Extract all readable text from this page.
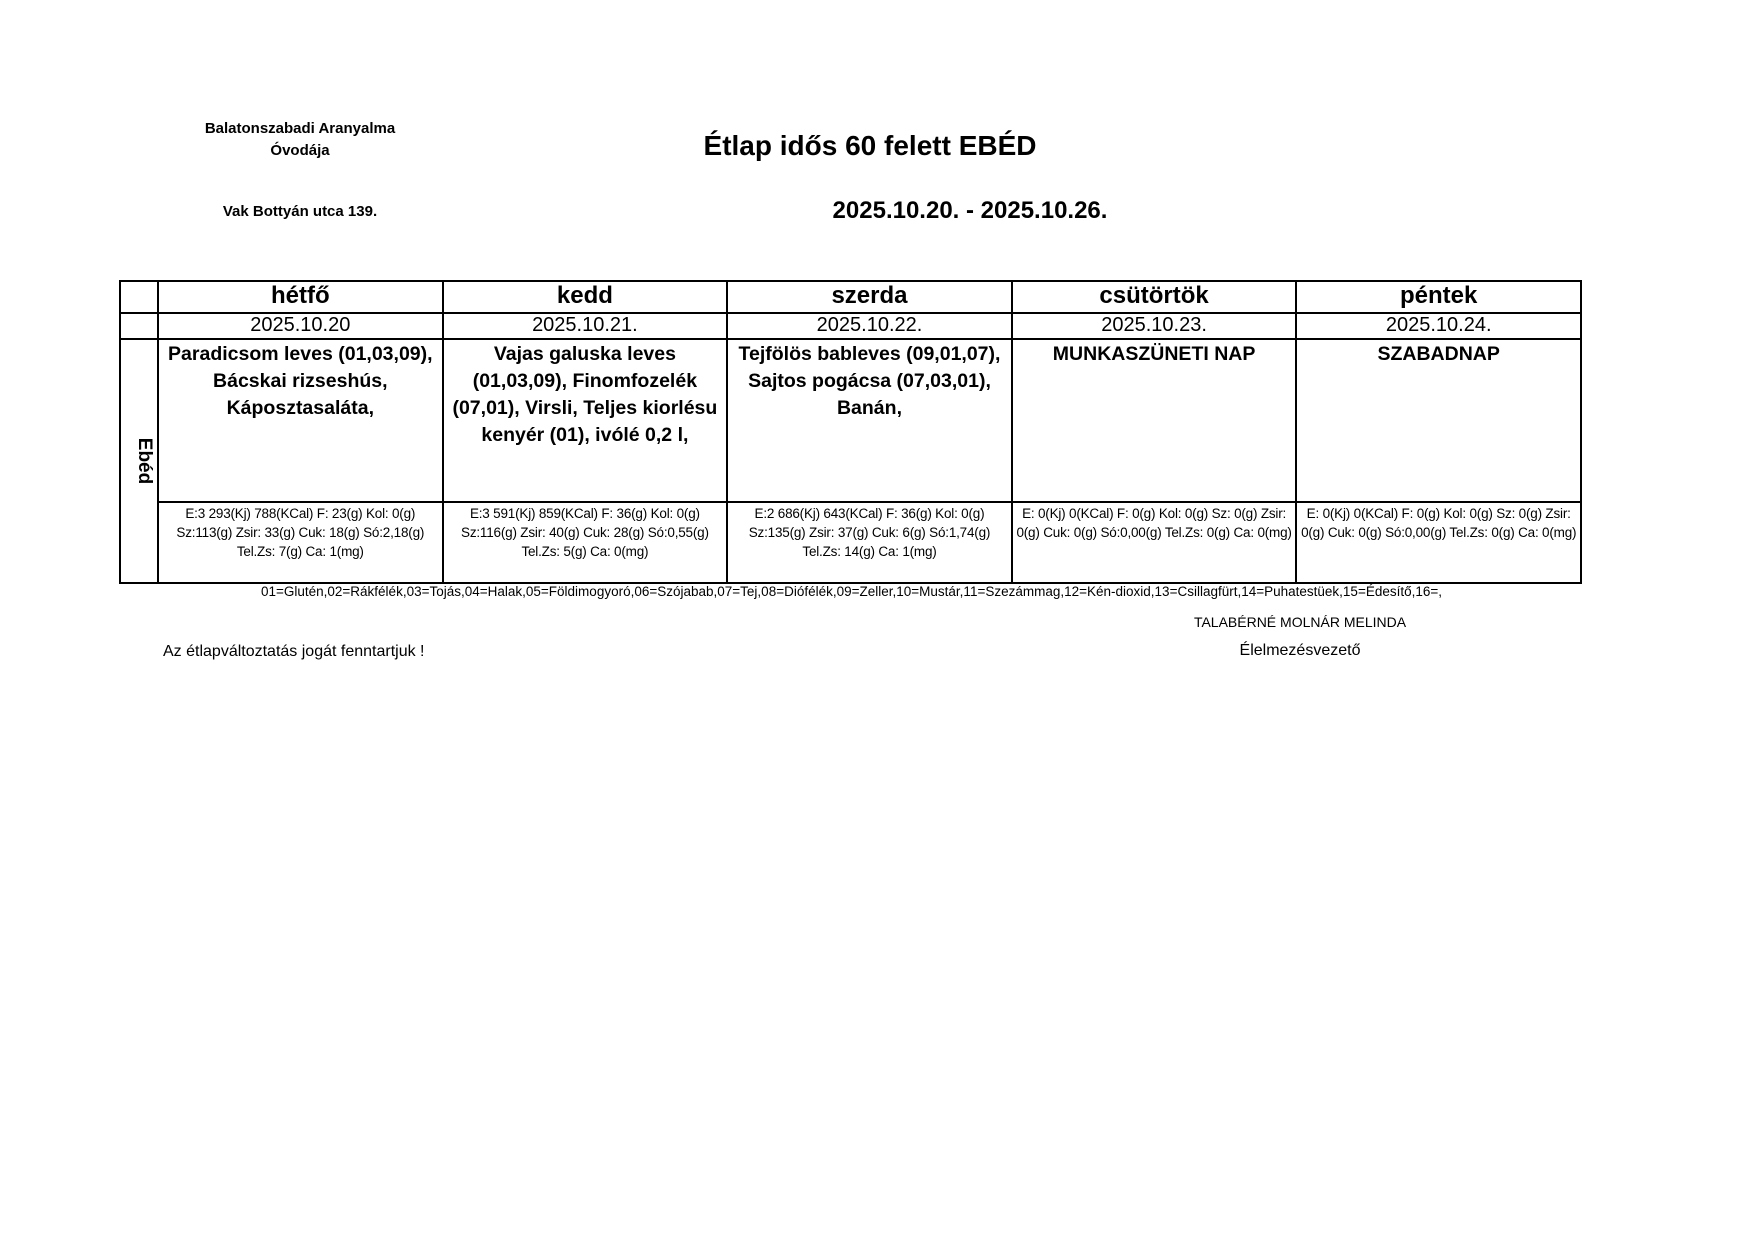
Balatonszabadi Aranyalma
Óvodája
Vak Bottyán utca 139.
Étlap idős 60 felett EBÉD
2025.10.20. - 2025.10.26.
	hétfő	kedd	szerda	csütörtök	péntek
	2025.10.20	2025.10.21.	2025.10.22.	2025.10.23.	2025.10.24.
Ebéd	Paradicsom leves (01,03,09), Bácskai rizseshús, Káposztasaláta,	Vajas galuska leves (01,03,09), Finomfozelék (07,01), Virsli, Teljes kiorlésu kenyér (01), ivólé 0,2 l,	Tejfölös bableves (09,01,07), Sajtos pogácsa (07,03,01), Banán,	MUNKASZÜNETI NAP	SZABADNAP
	E:3 293(Kj) 788(KCal) F: 23(g) Kol: 0(g) Sz:113(g) Zsir: 33(g) Cuk: 18(g) Só:2,18(g) Tel.Zs: 7(g) Ca: 1(mg)	E:3 591(Kj) 859(KCal) F: 36(g) Kol: 0(g) Sz:116(g) Zsir: 40(g) Cuk: 28(g) Só:0,55(g) Tel.Zs: 5(g) Ca: 0(mg)	E:2 686(Kj) 643(KCal) F: 36(g) Kol: 0(g) Sz:135(g) Zsir: 37(g) Cuk: 6(g) Só:1,74(g) Tel.Zs: 14(g) Ca: 1(mg)	E: 0(Kj) 0(KCal) F: 0(g) Kol: 0(g) Sz: 0(g) Zsir: 0(g) Cuk: 0(g) Só:0,00(g) Tel.Zs: 0(g) Ca: 0(mg)	E: 0(Kj) 0(KCal) F: 0(g) Kol: 0(g) Sz: 0(g) Zsir: 0(g) Cuk: 0(g) Só:0,00(g) Tel.Zs: 0(g) Ca: 0(mg)
01=Glutén,02=Rákfélék,03=Tojás,04=Halak,05=Földimogyoró,06=Szójabab,07=Tej,08=Diófélék,09=Zeller,10=Mustár,11=Szezámmag,12=Kén-dioxid,13=Csillagfürt,14=Puhatestüek,15=Édesítő,16=,
TALABÉRNÉ MOLNÁR MELINDA
Az étlapváltoztatás jogát fenntartjuk !	Élelmezésvezető
